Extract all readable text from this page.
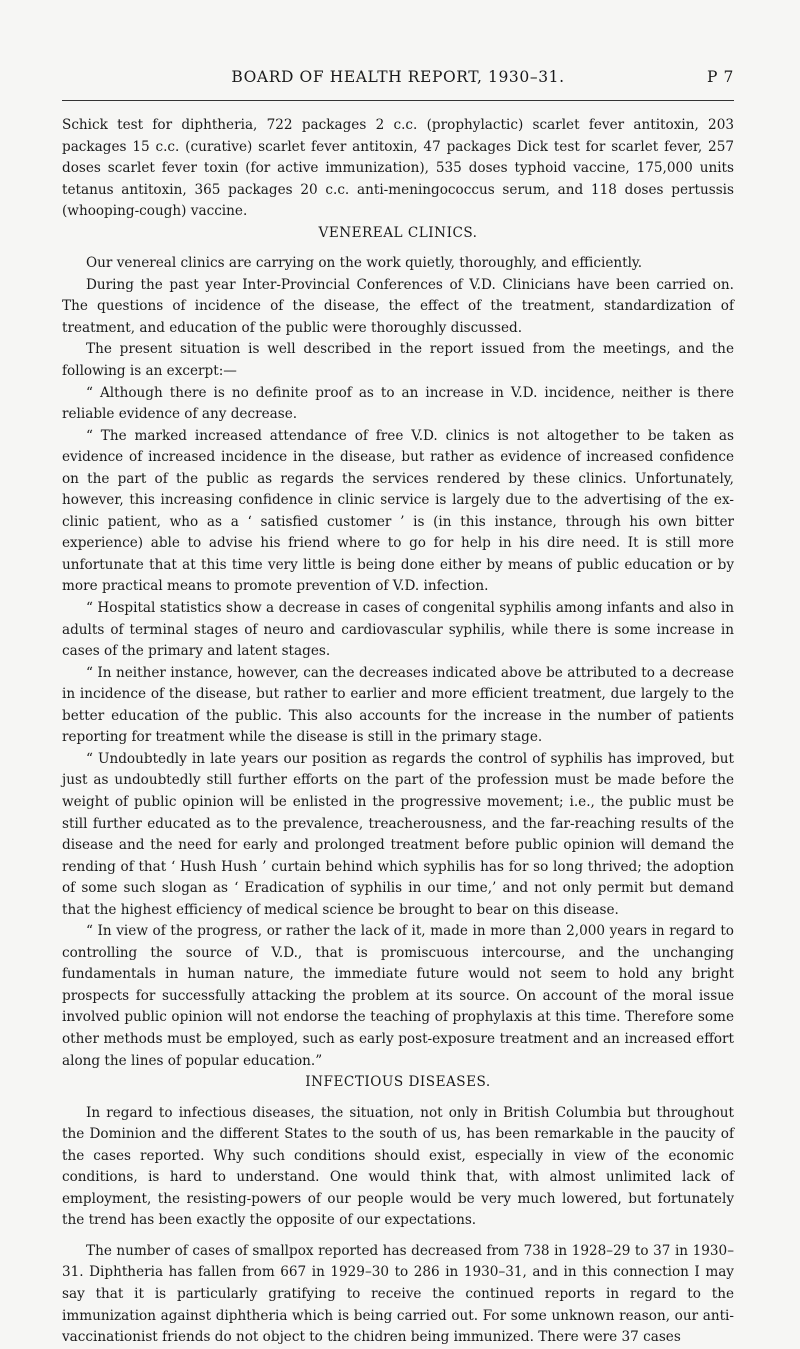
BOARD OF HEALTH REPORT, 1930–31.	P 7

Schick test for diphtheria, 722 packages 2 c.c. (prophylactic) scarlet fever antitoxin, 203 packages 15 c.c. (curative) scarlet fever antitoxin, 47 packages Dick test for scarlet fever, 257 doses scarlet fever toxin (for active immunization), 535 doses typhoid vaccine, 175,000 units tetanus antitoxin, 365 packages 20 c.c. anti-meningococcus serum, and 118 doses pertussis (whooping-cough) vaccine.

VENEREAL CLINICS.

Our venereal clinics are carrying on the work quietly, thoroughly, and efficiently.

During the past year Inter-Provincial Conferences of V.D. Clinicians have been carried on. The questions of incidence of the disease, the effect of the treatment, standardization of treatment, and education of the public were thoroughly discussed.

The present situation is well described in the report issued from the meetings, and the following is an excerpt:—

“ Although there is no definite proof as to an increase in V.D. incidence, neither is there reliable evidence of any decrease.

“ The marked increased attendance of free V.D. clinics is not altogether to be taken as evidence of increased incidence in the disease, but rather as evidence of increased confidence on the part of the public as regards the services rendered by these clinics. Unfortunately, however, this increasing confidence in clinic service is largely due to the advertising of the ex-clinic patient, who as a ‘ satisfied customer ’ is (in this instance, through his own bitter experience) able to advise his friend where to go for help in his dire need. It is still more unfortunate that at this time very little is being done either by means of public education or by more practical means to promote prevention of V.D. infection.

“ Hospital statistics show a decrease in cases of congenital syphilis among infants and also in adults of terminal stages of neuro and cardiovascular syphilis, while there is some increase in cases of the primary and latent stages.

“ In neither instance, however, can the decreases indicated above be attributed to a decrease in incidence of the disease, but rather to earlier and more efficient treatment, due largely to the better education of the public. This also accounts for the increase in the number of patients reporting for treatment while the disease is still in the primary stage.

“ Undoubtedly in late years our position as regards the control of syphilis has improved, but just as undoubtedly still further efforts on the part of the profession must be made before the weight of public opinion will be enlisted in the progressive movement; i.e., the public must be still further educated as to the prevalence, treacherousness, and the far-reaching results of the disease and the need for early and prolonged treatment before public opinion will demand the rending of that ‘ Hush Hush ’ curtain behind which syphilis has for so long thrived; the adoption of some such slogan as ‘ Eradication of syphilis in our time,’ and not only permit but demand that the highest efficiency of medical science be brought to bear on this disease.

“ In view of the progress, or rather the lack of it, made in more than 2,000 years in regard to controlling the source of V.D., that is promiscuous intercourse, and the unchanging fundamentals in human nature, the immediate future would not seem to hold any bright prospects for successfully attacking the problem at its source. On account of the moral issue involved public opinion will not endorse the teaching of prophylaxis at this time. Therefore some other methods must be employed, such as early post-exposure treatment and an increased effort along the lines of popular education.”

INFECTIOUS DISEASES.

In regard to infectious diseases, the situation, not only in British Columbia but throughout the Dominion and the different States to the south of us, has been remarkable in the paucity of the cases reported. Why such conditions should exist, especially in view of the economic conditions, is hard to understand. One would think that, with almost unlimited lack of employment, the resisting-powers of our people would be very much lowered, but fortunately the trend has been exactly the opposite of our expectations.

The number of cases of smallpox reported has decreased from 738 in 1928–29 to 37 in 1930–31. Diphtheria has fallen from 667 in 1929–30 to 286 in 1930–31, and in this connection I may say that it is particularly gratifying to receive the continued reports in regard to the immunization against diphtheria which is being carried out. For some unknown reason, our anti-vaccinationist friends do not object to the chidren being immunized. There were 37 cases
